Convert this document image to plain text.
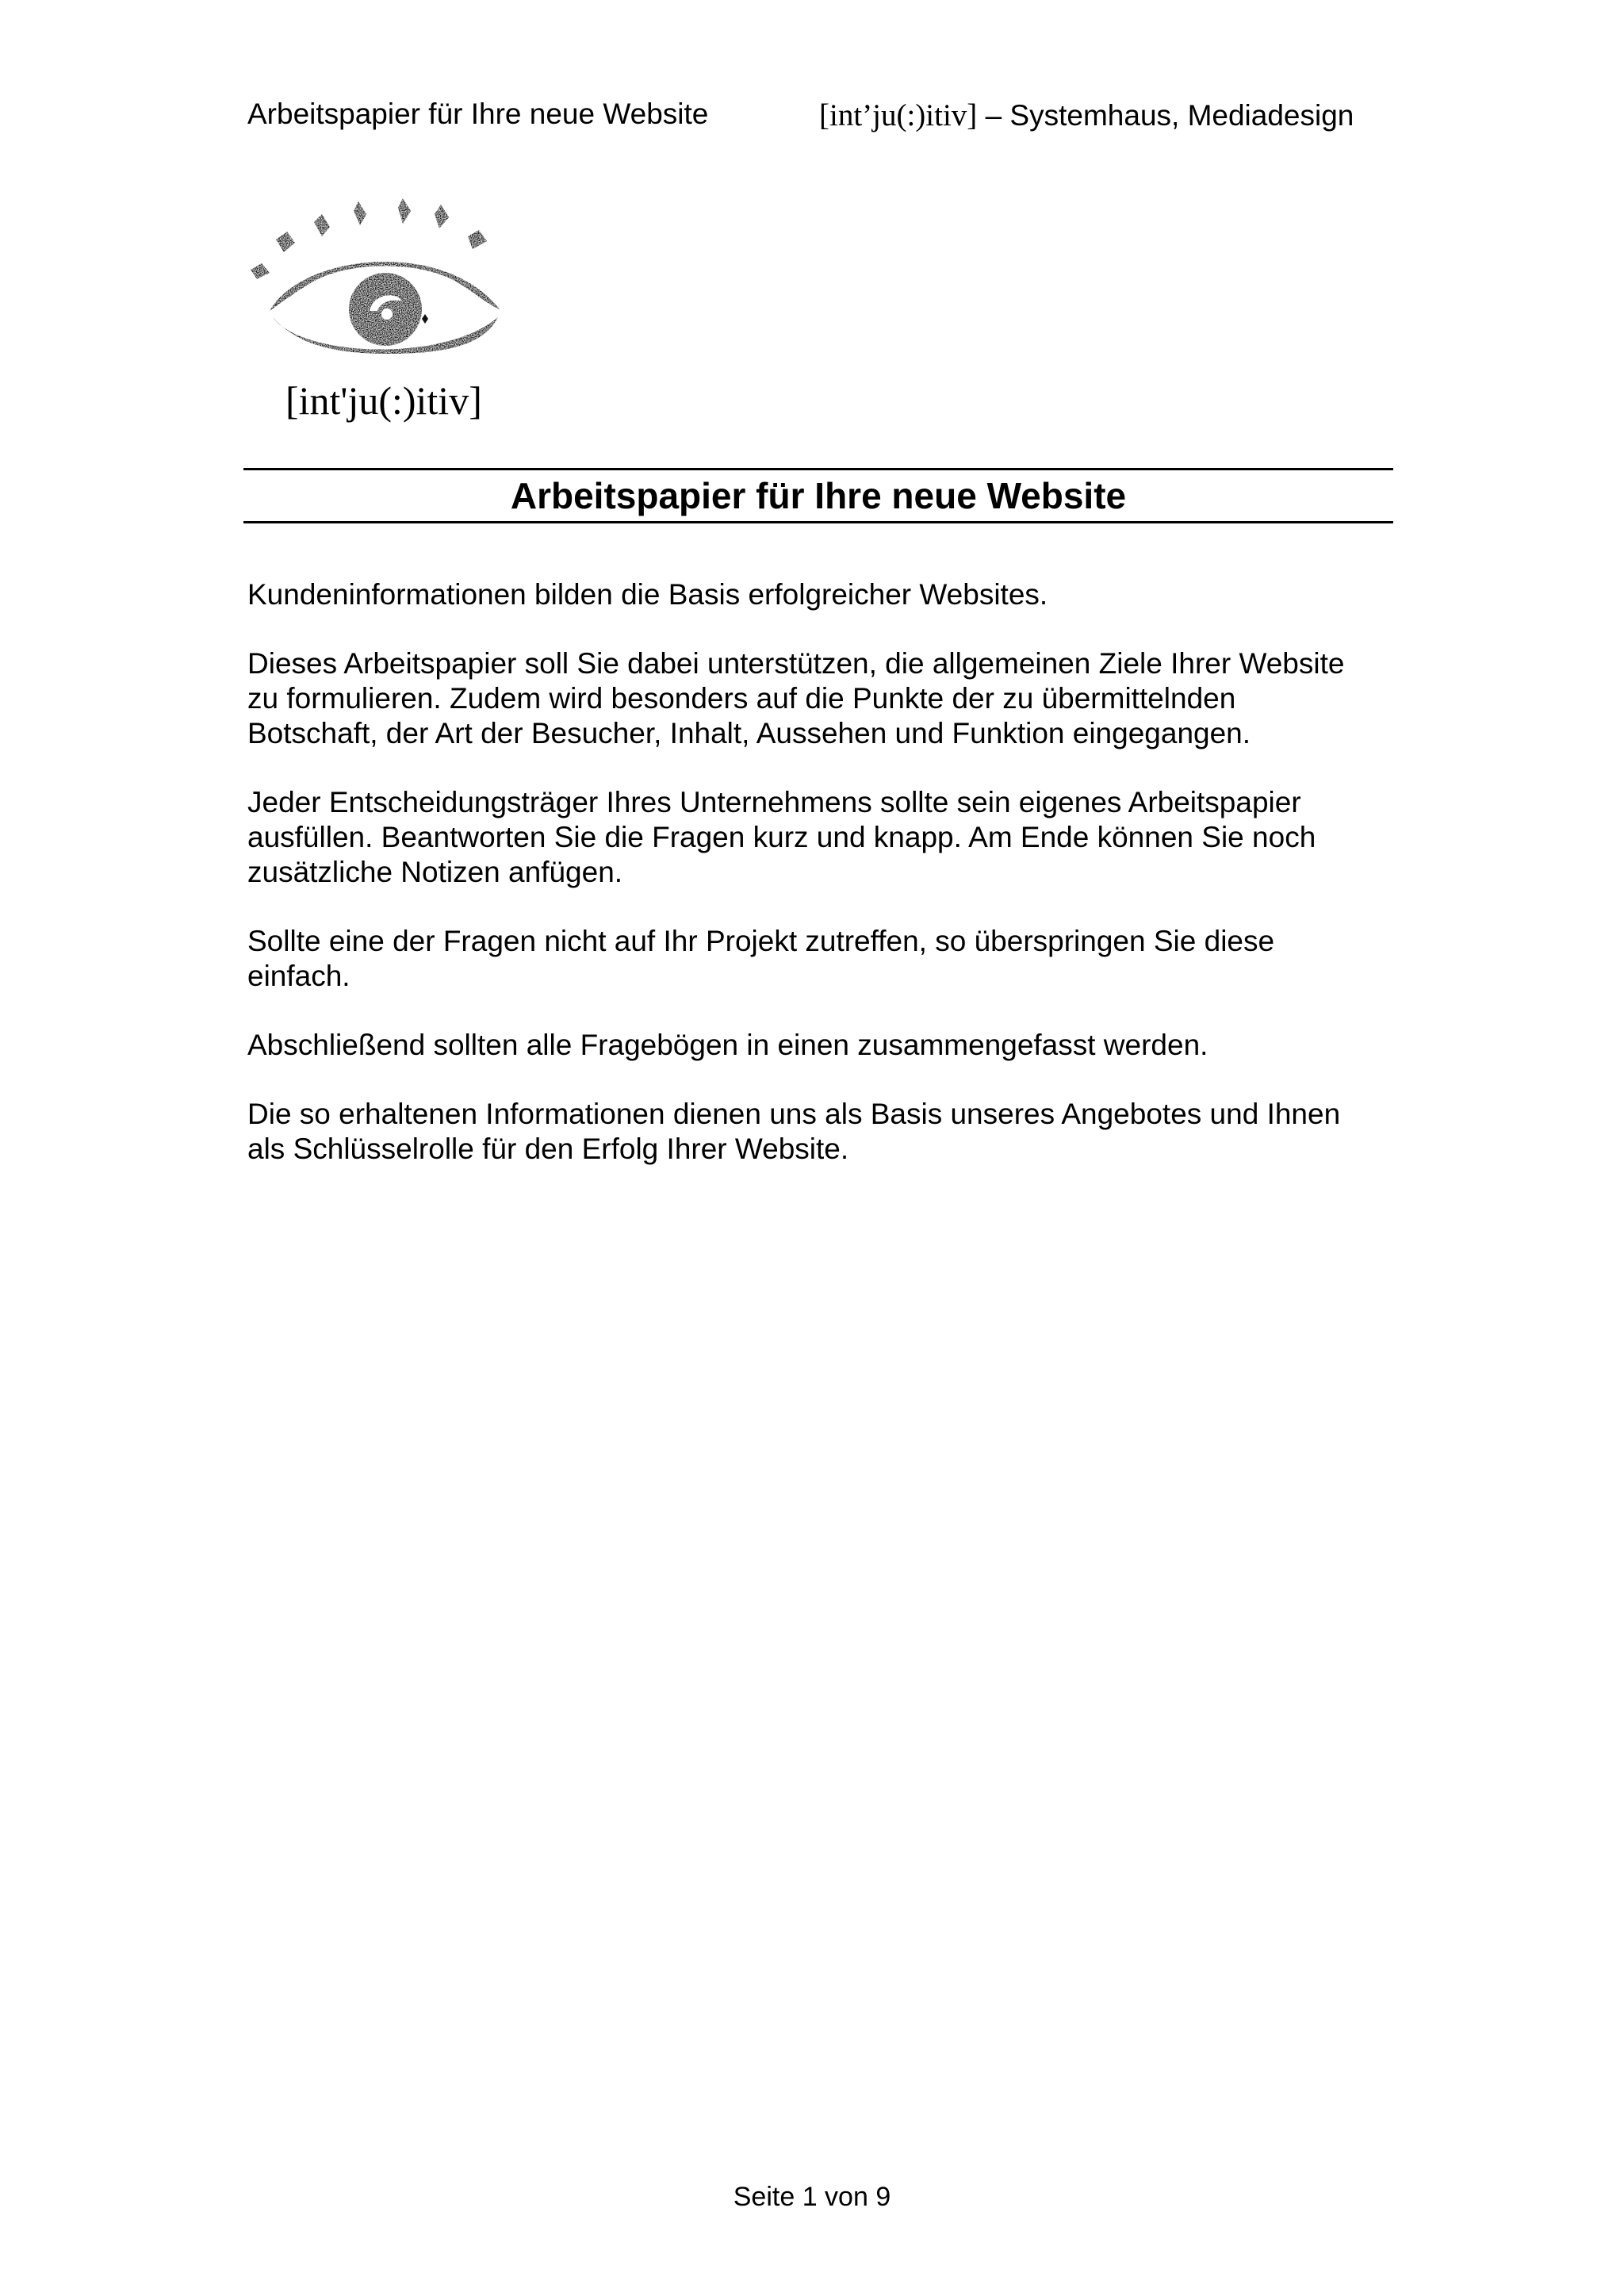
Arbeitspapier für Ihre neue Website	[int’ju(:)itiv] – Systemhaus, Mediadesign
[int'ju(:)itiv]
Arbeitspapier für Ihre neue Website

Kundeninformationen bilden die Basis erfolgreicher Websites.

Dieses Arbeitspapier soll Sie dabei unterstützen, die allgemeinen Ziele Ihrer Website
zu formulieren. Zudem wird besonders auf die Punkte der zu übermittelnden
Botschaft, der Art der Besucher, Inhalt, Aussehen und Funktion eingegangen.

Jeder Entscheidungsträger Ihres Unternehmens sollte sein eigenes Arbeitspapier
ausfüllen. Beantworten Sie die Fragen kurz und knapp. Am Ende können Sie noch
zusätzliche Notizen anfügen.

Sollte eine der Fragen nicht auf Ihr Projekt zutreffen, so überspringen Sie diese
einfach.

Abschließend sollten alle Fragebögen in einen zusammengefasst werden.

Die so erhaltenen Informationen dienen uns als Basis unseres Angebotes und Ihnen
als Schlüsselrolle für den Erfolg Ihrer Website.

Seite 1 von 9
